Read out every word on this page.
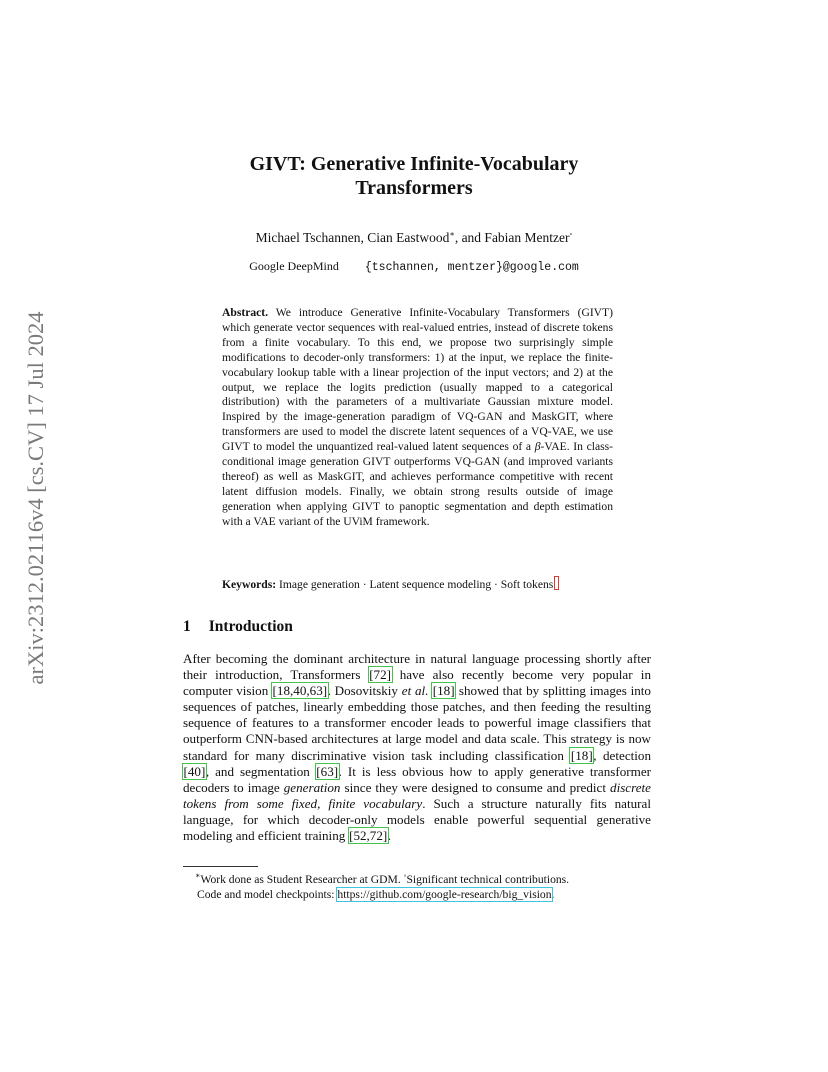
arXiv:2312.02116v4 [cs.CV] 17 Jul 2024
GIVT: Generative Infinite-Vocabulary
Transformers
Michael Tschannen, Cian Eastwood∗, and Fabian Mentzer◦
Google DeepMind {tschannen, mentzer}@google.com
Abstract. We introduce Generative Infinite-Vocabulary Transformers (GIVT) which generate vector sequences with real-valued entries, instead of discrete tokens from a finite vocabulary. To this end, we propose two surprisingly simple modifications to decoder-only transformers: 1) at the input, we replace the finite-vocabulary lookup table with a linear projection of the input vectors; and 2) at the output, we replace the logits prediction (usually mapped to a categorical distribution) with the parameters of a multivariate Gaussian mixture model. Inspired by the image-generation paradigm of VQ-GAN and MaskGIT, where transformers are used to model the discrete latent sequences of a VQ-VAE, we use GIVT to model the unquantized real-valued latent sequences of a β-VAE. In class-conditional image generation GIVT outperforms VQ-GAN (and improved variants thereof) as well as MaskGIT, and achieves performance competitive with recent latent diffusion models. Finally, we obtain strong results outside of image generation when applying GIVT to panoptic segmentation and depth estimation with a VAE variant of the UViM framework.
Keywords: Image generation · Latent sequence modeling · Soft tokens
1 Introduction
After becoming the dominant architecture in natural language processing shortly after their introduction, Transformers [72] have also recently become very popular in computer vision [18,40,63]. Dosovitskiy et al. [18] showed that by splitting images into sequences of patches, linearly embedding those patches, and then feeding the resulting sequence of features to a transformer encoder leads to powerful image classifiers that outperform CNN-based architectures at large model and data scale. This strategy is now standard for many discriminative vision task including classification [18], detection [40], and segmentation [63]. It is less obvious how to apply generative transformer decoders to image generation since they were designed to consume and predict discrete tokens from some fixed, finite vocabulary. Such a structure naturally fits natural language, for which decoder-only models enable powerful sequential generative modeling and efficient training [52,72].
∗Work done as Student Researcher at GDM. ◦Significant technical contributions.
Code and model checkpoints: https://github.com/google-research/big_vision.
